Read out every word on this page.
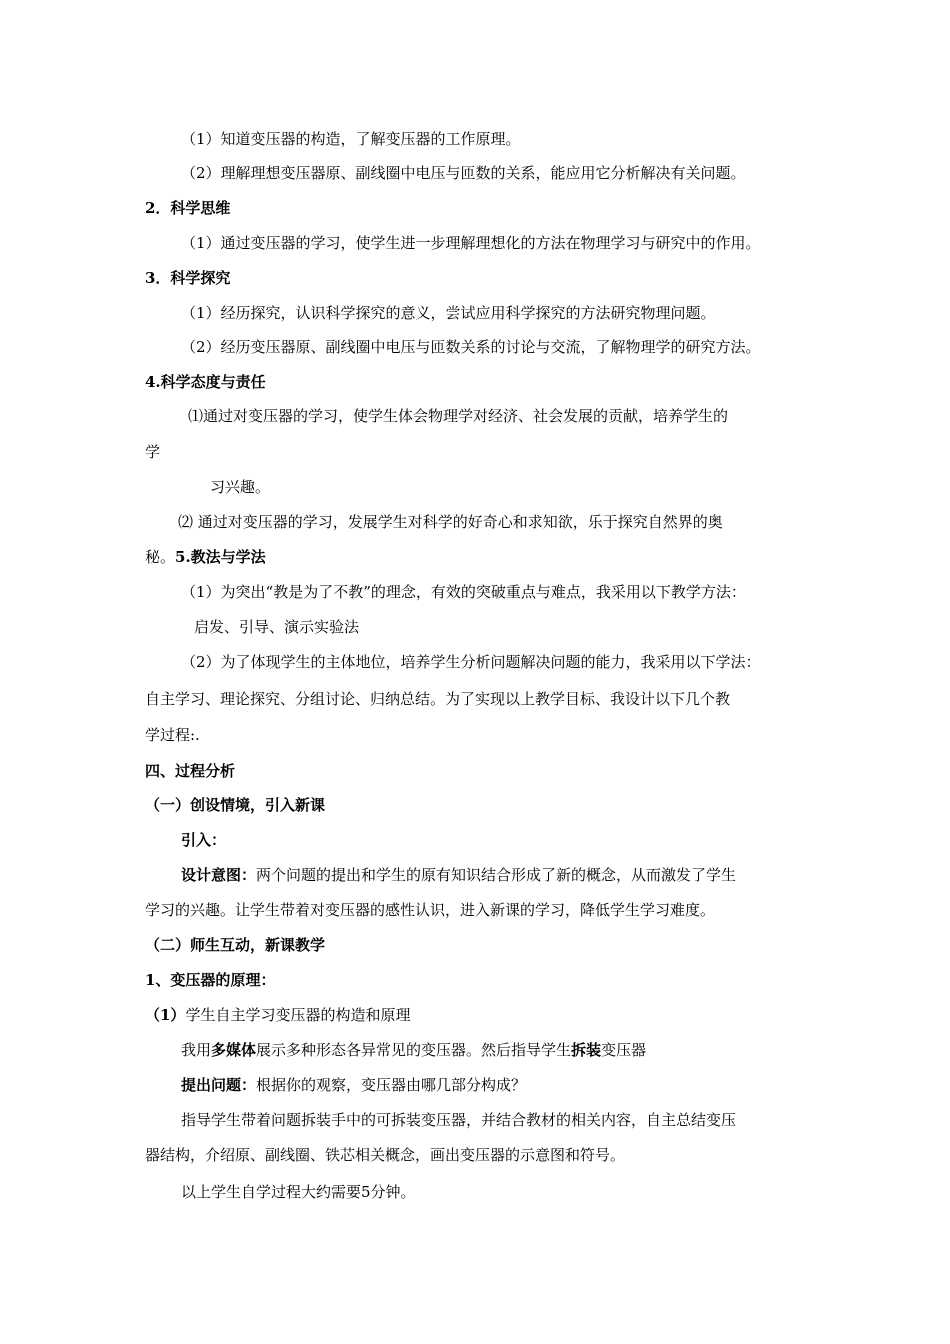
（1）知道变压器的构造，了解变压器的工作原理。
（2）理解理想变压器原、副线圈中电压与匝数的关系，能应用它分析解决有关问题。
2．科学思维
（1）通过变压器的学习，使学生进一步理解理想化的方法在物理学习与研究中的作用。
3．科学探究
（1）经历探究，认识科学探究的意义，尝试应用科学探究的方法研究物理问题。
（2）经历变压器原、副线圈中电压与匝数关系的讨论与交流，了解物理学的研究方法。
4.科学态度与责任
⑴通过对变压器的学习，使学生体会物理学对经济、社会发展的贡献，培养学生的
学
习兴趣。
⑵ 通过对变压器的学习，发展学生对科学的好奇心和求知欲，乐于探究自然界的奥
秘。5.教法与学法
（1）为突出“教是为了不教”的理念，有效的突破重点与难点，我采用以下教学方法：
启发、引导、演示实验法
（2）为了体现学生的主体地位，培养学生分析问题解决问题的能力，我采用以下学法：
自主学习、理论探究、分组讨论、归纳总结。为了实现以上教学目标、我设计以下几个教
学过程:.
四、过程分析
（一）创设情境，引入新课
引入：
设计意图：两个问题的提出和学生的原有知识结合形成了新的概念，从而激发了学生
学习的兴趣。让学生带着对变压器的感性认识，进入新课的学习，降低学生学习难度。
（二）师生互动，新课教学
1、变压器的原理：
（1）学生自主学习变压器的构造和原理
我用多媒体展示多种形态各异常见的变压器。然后指导学生拆装变压器
提出问题：根据你的观察，变压器由哪几部分构成？
指导学生带着问题拆装手中的可拆装变压器，并结合教材的相关内容，自主总结变压
器结构，介绍原、副线圈、铁芯相关概念，画出变压器的示意图和符号。
以上学生自学过程大约需要5分钟。
